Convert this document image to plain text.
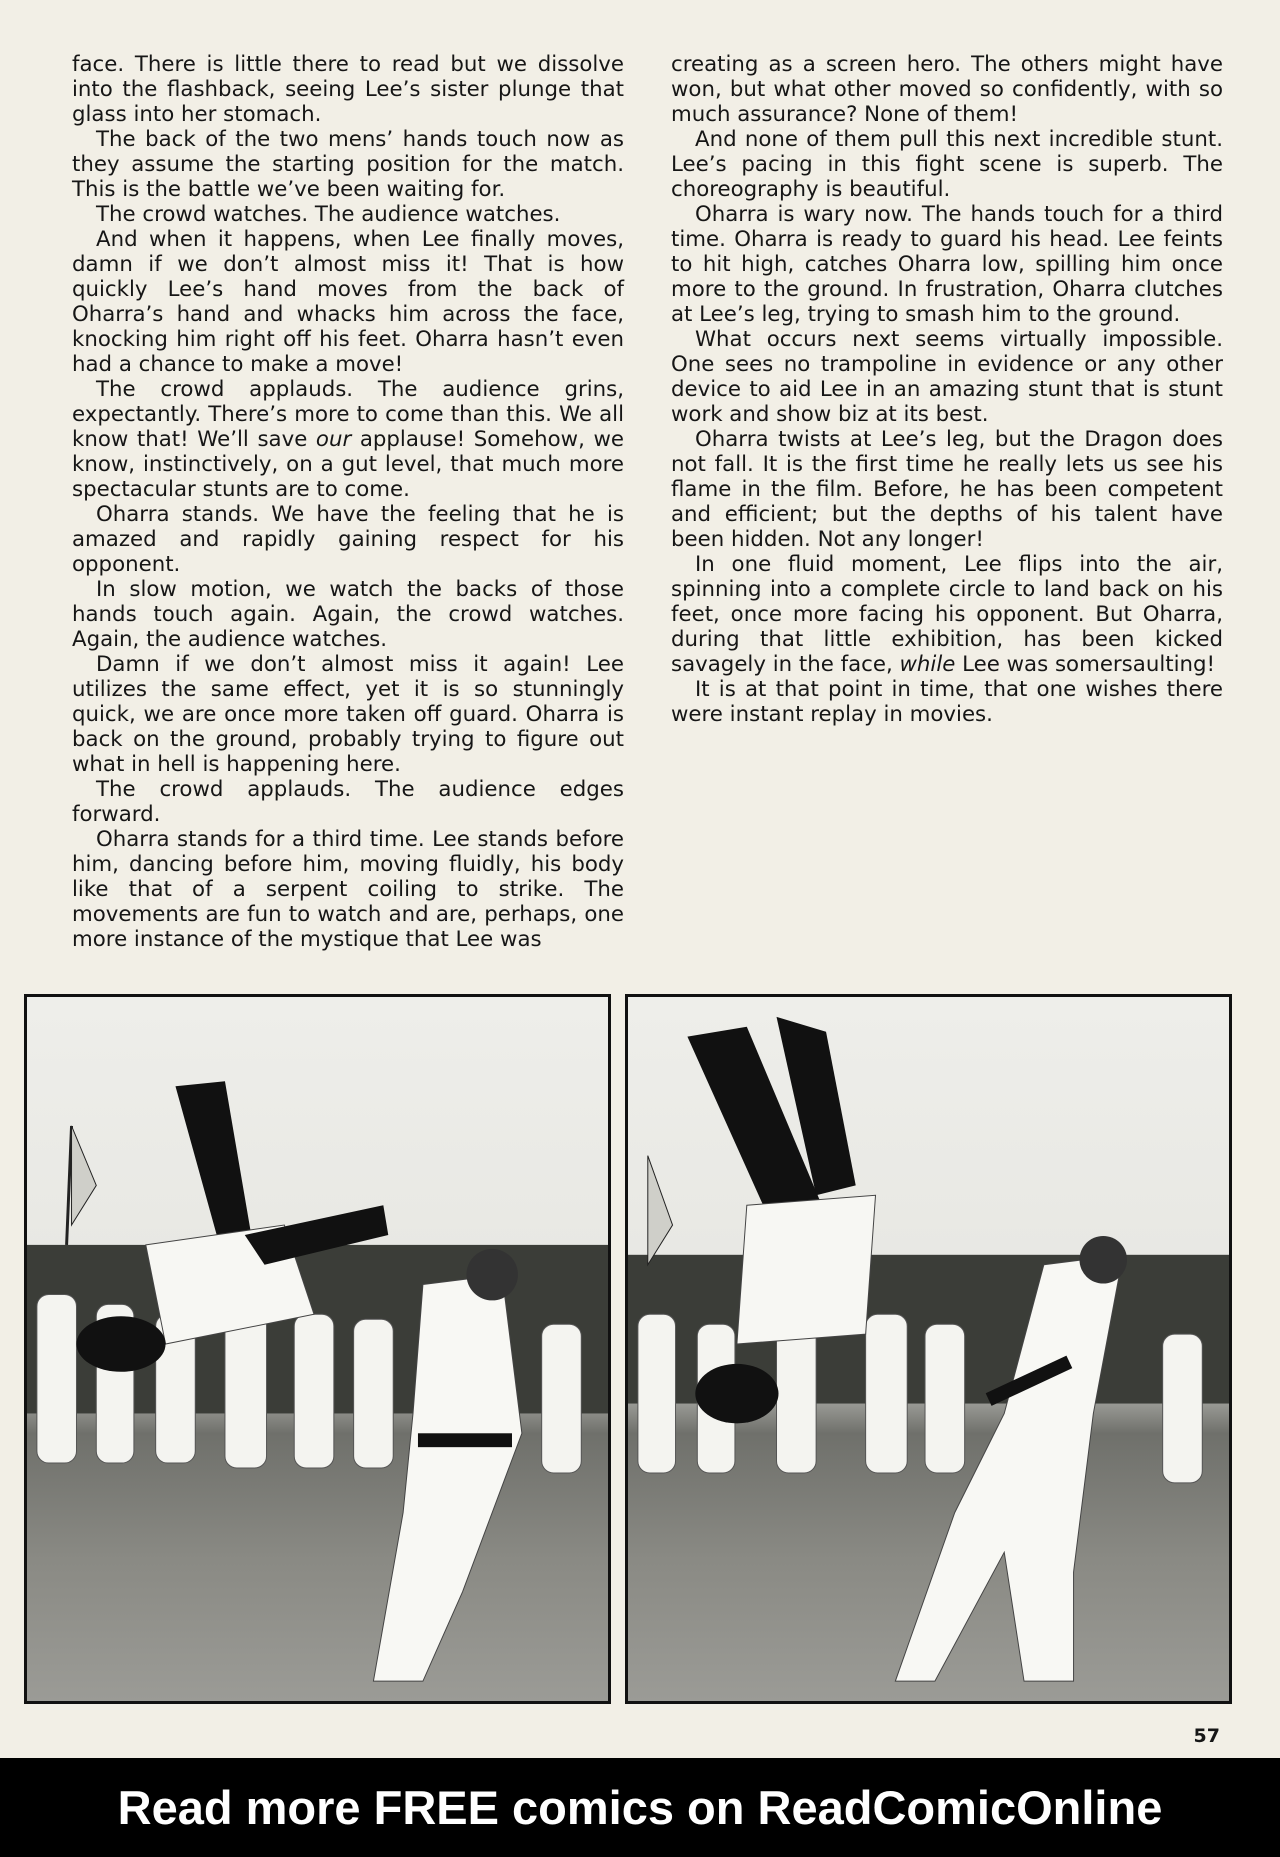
face. There is little there to read but we dissolve into the flashback, seeing Lee’s sister plunge that glass into her stomach.

The back of the two mens’ hands touch now as they assume the starting position for the match. This is the battle we’ve been waiting for.

The crowd watches. The audience watches.

And when it happens, when Lee finally moves, damn if we don’t almost miss it! That is how quickly Lee’s hand moves from the back of Oharra’s hand and whacks him across the face, knocking him right off his feet. Oharra hasn’t even had a chance to make a move!

The crowd applauds. The audience grins, expectantly. There’s more to come than this. We all know that! We’ll save our applause! Somehow, we know, instinctively, on a gut level, that much more spectacular stunts are to come.

Oharra stands. We have the feeling that he is amazed and rapidly gaining respect for his opponent.

In slow motion, we watch the backs of those hands touch again. Again, the crowd watches. Again, the audience watches.

Damn if we don’t almost miss it again! Lee utilizes the same effect, yet it is so stunningly quick, we are once more taken off guard. Oharra is back on the ground, probably trying to figure out what in hell is happening here.

The crowd applauds. The audience edges forward.

Oharra stands for a third time. Lee stands before him, dancing before him, moving fluidly, his body like that of a serpent coiling to strike. The movements are fun to watch and are, perhaps, one more instance of the mystique that Lee was

creating as a screen hero. The others might have won, but what other moved so confidently, with so much assurance? None of them!

And none of them pull this next incredible stunt. Lee’s pacing in this fight scene is superb. The choreography is beautiful.

Oharra is wary now. The hands touch for a third time. Oharra is ready to guard his head. Lee feints to hit high, catches Oharra low, spilling him once more to the ground. In frustration, Oharra clutches at Lee’s leg, trying to smash him to the ground.

What occurs next seems virtually impossible. One sees no trampoline in evidence or any other device to aid Lee in an amazing stunt that is stunt work and show biz at its best.

Oharra twists at Lee’s leg, but the Dragon does not fall. It is the first time he really lets us see his flame in the film. Before, he has been competent and efficient; but the depths of his talent have been hidden. Not any longer!

In one fluid moment, Lee flips into the air, spinning into a complete circle to land back on his feet, once more facing his opponent. But Oharra, during that little exhibition, has been kicked savagely in the face, while Lee was somersaulting!

It is at that point in time, that one wishes there were instant replay in movies.

57
Read more FREE comics on ReadComicOnline
